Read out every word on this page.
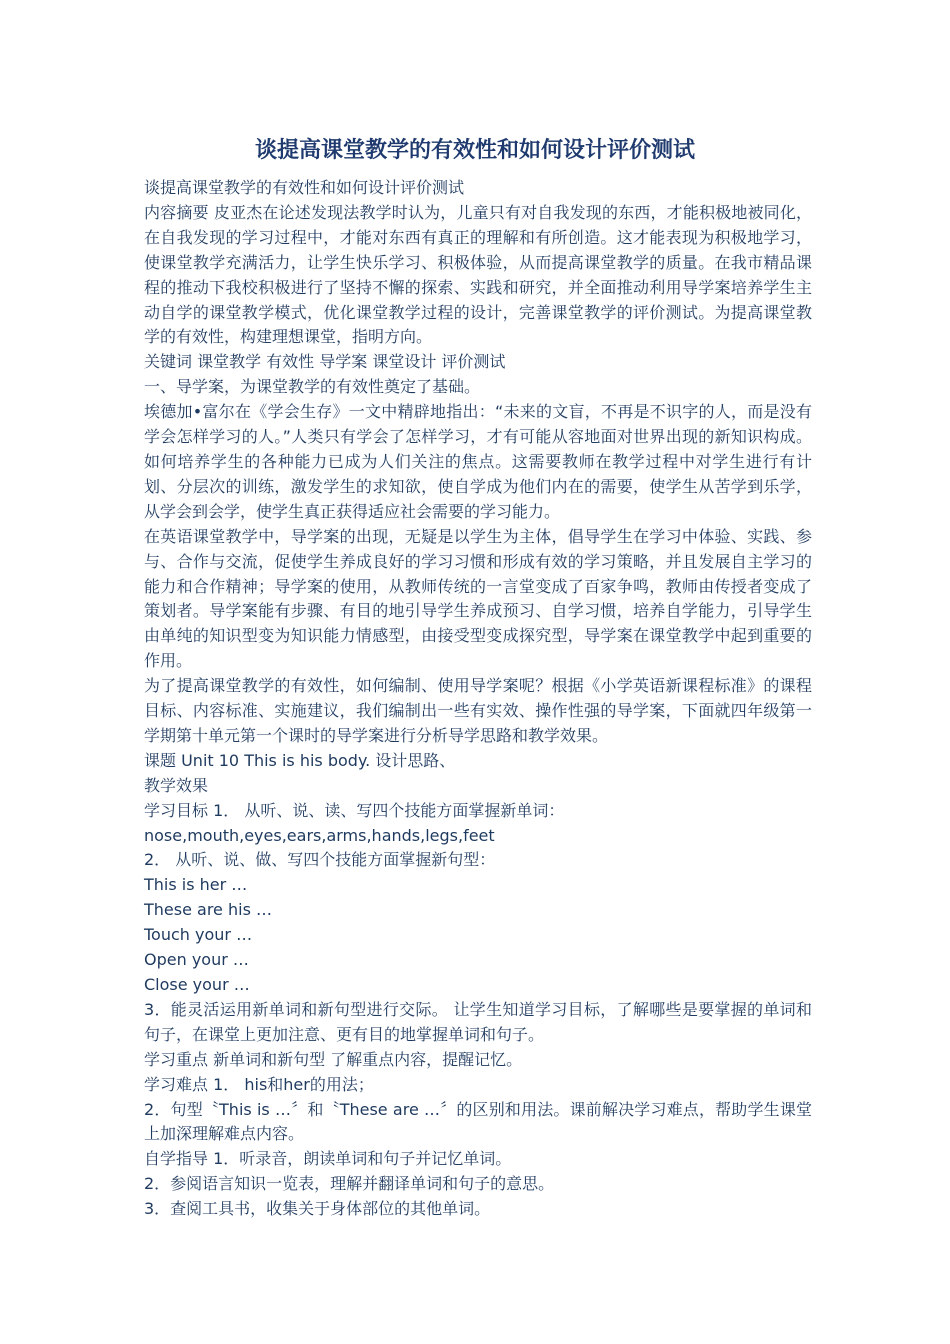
谈提高课堂教学的有效性和如何设计评价测试

谈提高课堂教学的有效性和如何设计评价测试

内容摘要 皮亚杰在论述发现法教学时认为，儿童只有对自我发现的东西，才能积极地被同化，在自我发现的学习过程中，才能对东西有真正的理解和有所创造。这才能表现为积极地学习，使课堂教学充满活力，让学生快乐学习、积极体验，从而提高课堂教学的质量。在我市精品课程的推动下我校积极进行了坚持不懈的探索、实践和研究，并全面推动利用导学案培养学生主动自学的课堂教学模式，优化课堂教学过程的设计，完善课堂教学的评价测试。为提高课堂教学的有效性，构建理想课堂，指明方向。

关键词 课堂教学 有效性 导学案 课堂设计 评价测试

一、导学案，为课堂教学的有效性奠定了基础。

埃德加•富尔在《学会生存》一文中精辟地指出：“未来的文盲，不再是不识字的人，而是没有学会怎样学习的人。”人类只有学会了怎样学习，才有可能从容地面对世界出现的新知识构成。如何培养学生的各种能力已成为人们关注的焦点。这需要教师在教学过程中对学生进行有计划、分层次的训练，激发学生的求知欲，使自学成为他们内在的需要，使学生从苦学到乐学，从学会到会学，使学生真正获得适应社会需要的学习能力。

在英语课堂教学中，导学案的出现，无疑是以学生为主体，倡导学生在学习中体验、实践、参与、合作与交流，促使学生养成良好的学习习惯和形成有效的学习策略，并且发展自主学习的能力和合作精神；导学案的使用，从教师传统的一言堂变成了百家争鸣，教师由传授者变成了策划者。导学案能有步骤、有目的地引导学生养成预习、自学习惯，培养自学能力，引导学生由单纯的知识型变为知识能力情感型，由接受型变成探究型，导学案在课堂教学中起到重要的作用。

为了提高课堂教学的有效性，如何编制、使用导学案呢？根据《小学英语新课程标准》的课程目标、内容标准、实施建议，我们编制出一些有实效、操作性强的导学案，下面就四年级第一学期第十单元第一个课时的导学案进行分析导学思路和教学效果。

课题 Unit 10 This is his body. 设计思路、

教学效果

学习目标 1． 从听、说、读、写四个技能方面掌握新单词：

nose,mouth,eyes,ears,arms,hands,legs,feet

2． 从听、说、做、写四个技能方面掌握新句型：

This is her …

These are his …

Touch your …

Open your …

Close your …

3．能灵活运用新单词和新句型进行交际。 让学生知道学习目标，了解哪些是要掌握的单词和句子，在课堂上更加注意、更有目的地掌握单词和句子。

学习重点 新单词和新句型 了解重点内容，提醒记忆。

学习难点 1． his和her的用法；

2．句型〝This is …〞和〝These are …〞的区别和用法。课前解决学习难点，帮助学生课堂上加深理解难点内容。

自学指导 1．听录音，朗读单词和句子并记忆单词。

2．参阅语言知识一览表，理解并翻译单词和句子的意思。

3．查阅工具书，收集关于身体部位的其他单词。
